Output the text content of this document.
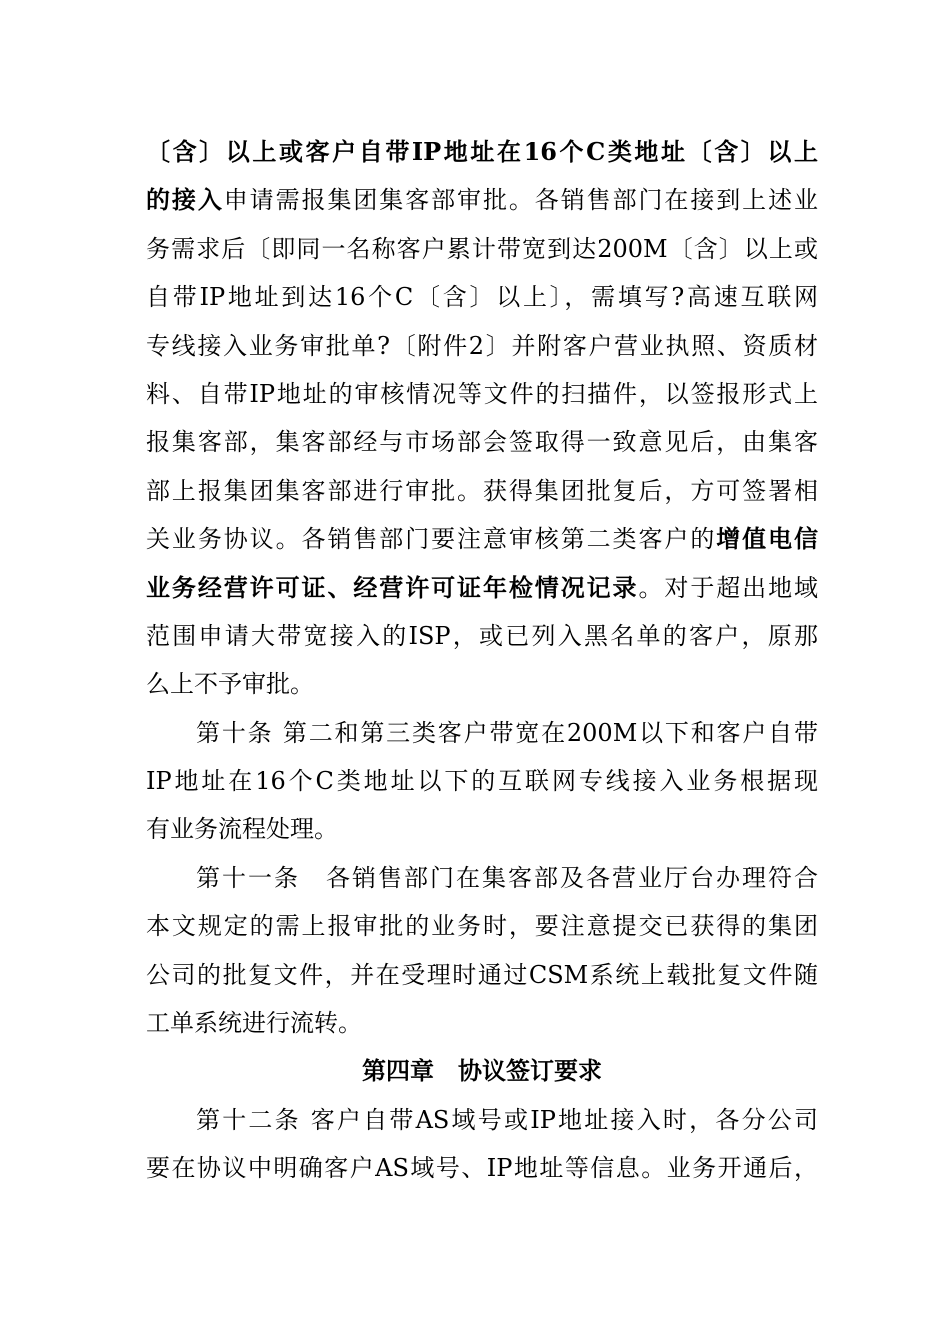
〔含〕以上或客户自带IP地址在16个C类地址〔含〕以上
的接入申请需报集团集客部审批。各销售部门在接到上述业
务需求后〔即同一名称客户累计带宽到达200M〔含〕以上或
自带IP地址到达16个C〔含〕以上〕，需填写?高速互联网
专线接入业务审批单?〔附件2〕并附客户营业执照、资质材
料、自带IP地址的审核情况等文件的扫描件，以签报形式上
报集客部，集客部经与市场部会签取得一致意见后，由集客
部上报集团集客部进行审批。获得集团批复后，方可签署相
关业务协议。各销售部门要注意审核第二类客户的增值电信
业务经营许可证、经营许可证年检情况记录。对于超出地域
范围申请大带宽接入的ISP，或已列入黑名单的客户，原那
么上不予审批。
第十条 第二和第三类客户带宽在200M以下和客户自带
IP地址在16个C类地址以下的互联网专线接入业务根据现
有业务流程处理。
第十一条　各销售部门在集客部及各营业厅台办理符合
本文规定的需上报审批的业务时，要注意提交已获得的集团
公司的批复文件，并在受理时通过CSM系统上载批复文件随
工单系统进行流转。
第四章　协议签订要求
第十二条 客户自带AS域号或IP地址接入时，各分公司
要在协议中明确客户AS域号、IP地址等信息。业务开通后，
